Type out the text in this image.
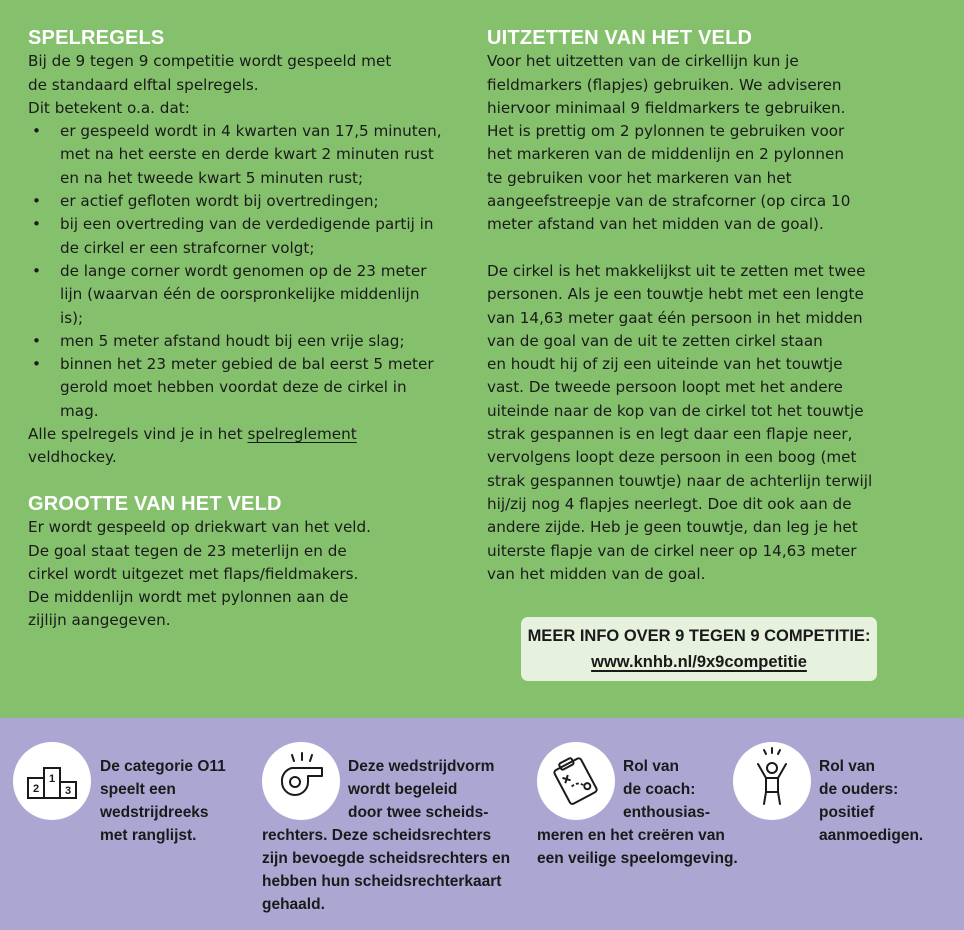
SPELREGELS

Bij de 9 tegen 9 competitie wordt gespeeld met

de standaard elftal spelregels.

Dit betekent o.a. dat:

• er gespeeld wordt in 4 kwarten van 17,5 minuten,
met na het eerste en derde kwart 2 minuten rust
en na het tweede kwart 5 minuten rust;
• er actief gefloten wordt bij overtredingen;
• bij een overtreding van de verdedigende partij in
de cirkel er een strafcorner volgt;
• de lange corner wordt genomen op de 23 meter
lijn (waarvan één de oorspronkelijke middenlijn
is);
• men 5 meter afstand houdt bij een vrije slag;
• binnen het 23 meter gebied de bal eerst 5 meter
gerold moet hebben voordat deze de cirkel in
mag.

Alle spelregels vind je in het spelreglement

veldhockey.

GROOTTE VAN HET VELD

Er wordt gespeeld op driekwart van het veld.

De goal staat tegen de 23 meterlijn en de

cirkel wordt uitgezet met flaps/fieldmakers.

De middenlijn wordt met pylonnen aan de

zijlijn aangegeven.

UITZETTEN VAN HET VELD

Voor het uitzetten van de cirkellijn kun je

fieldmarkers (flapjes) gebruiken. We adviseren

hiervoor minimaal 9 fieldmarkers te gebruiken.

Het is prettig om 2 pylonnen te gebruiken voor

het markeren van de middenlijn en 2 pylonnen

te gebruiken voor het markeren van het

aangeefstreepje van de strafcorner (op circa 10

meter afstand van het midden van de goal).

De cirkel is het makkelijkst uit te zetten met twee

personen. Als je een touwtje hebt met een lengte

van 14,63 meter gaat één persoon in het midden

van de goal van de uit te zetten cirkel staan

en houdt hij of zij een uiteinde van het touwtje

vast. De tweede persoon loopt met het andere

uiteinde naar de kop van de cirkel tot het touwtje

strak gespannen is en legt daar een flapje neer,

vervolgens loopt deze persoon in een boog (met

strak gespannen touwtje) naar de achterlijn terwijl

hij/zij nog 4 flapjes neerlegt. Doe dit ook aan de

andere zijde. Heb je geen touwtje, dan leg je het

uiterste flapje van de cirkel neer op 14,63 meter

van het midden van de goal.

MEER INFO OVER 9 TEGEN 9 COMPETITIE:
www.knhb.nl/9x9competitie
1
2 3
De categorie O11
speelt een
wedstrijdreeks
met ranglijst.
Deze wedstrijdvorm
wordt begeleid
door twee scheids-
rechters. Deze scheidsrechters
zijn bevoegde scheidsrechters en
hebben hun scheidsrechterkaart
gehaald.
Rol van
de coach:
enthousias-
meren en het creëren van
een veilige speelomgeving.
Rol van
de ouders:
positief
aanmoedigen.
